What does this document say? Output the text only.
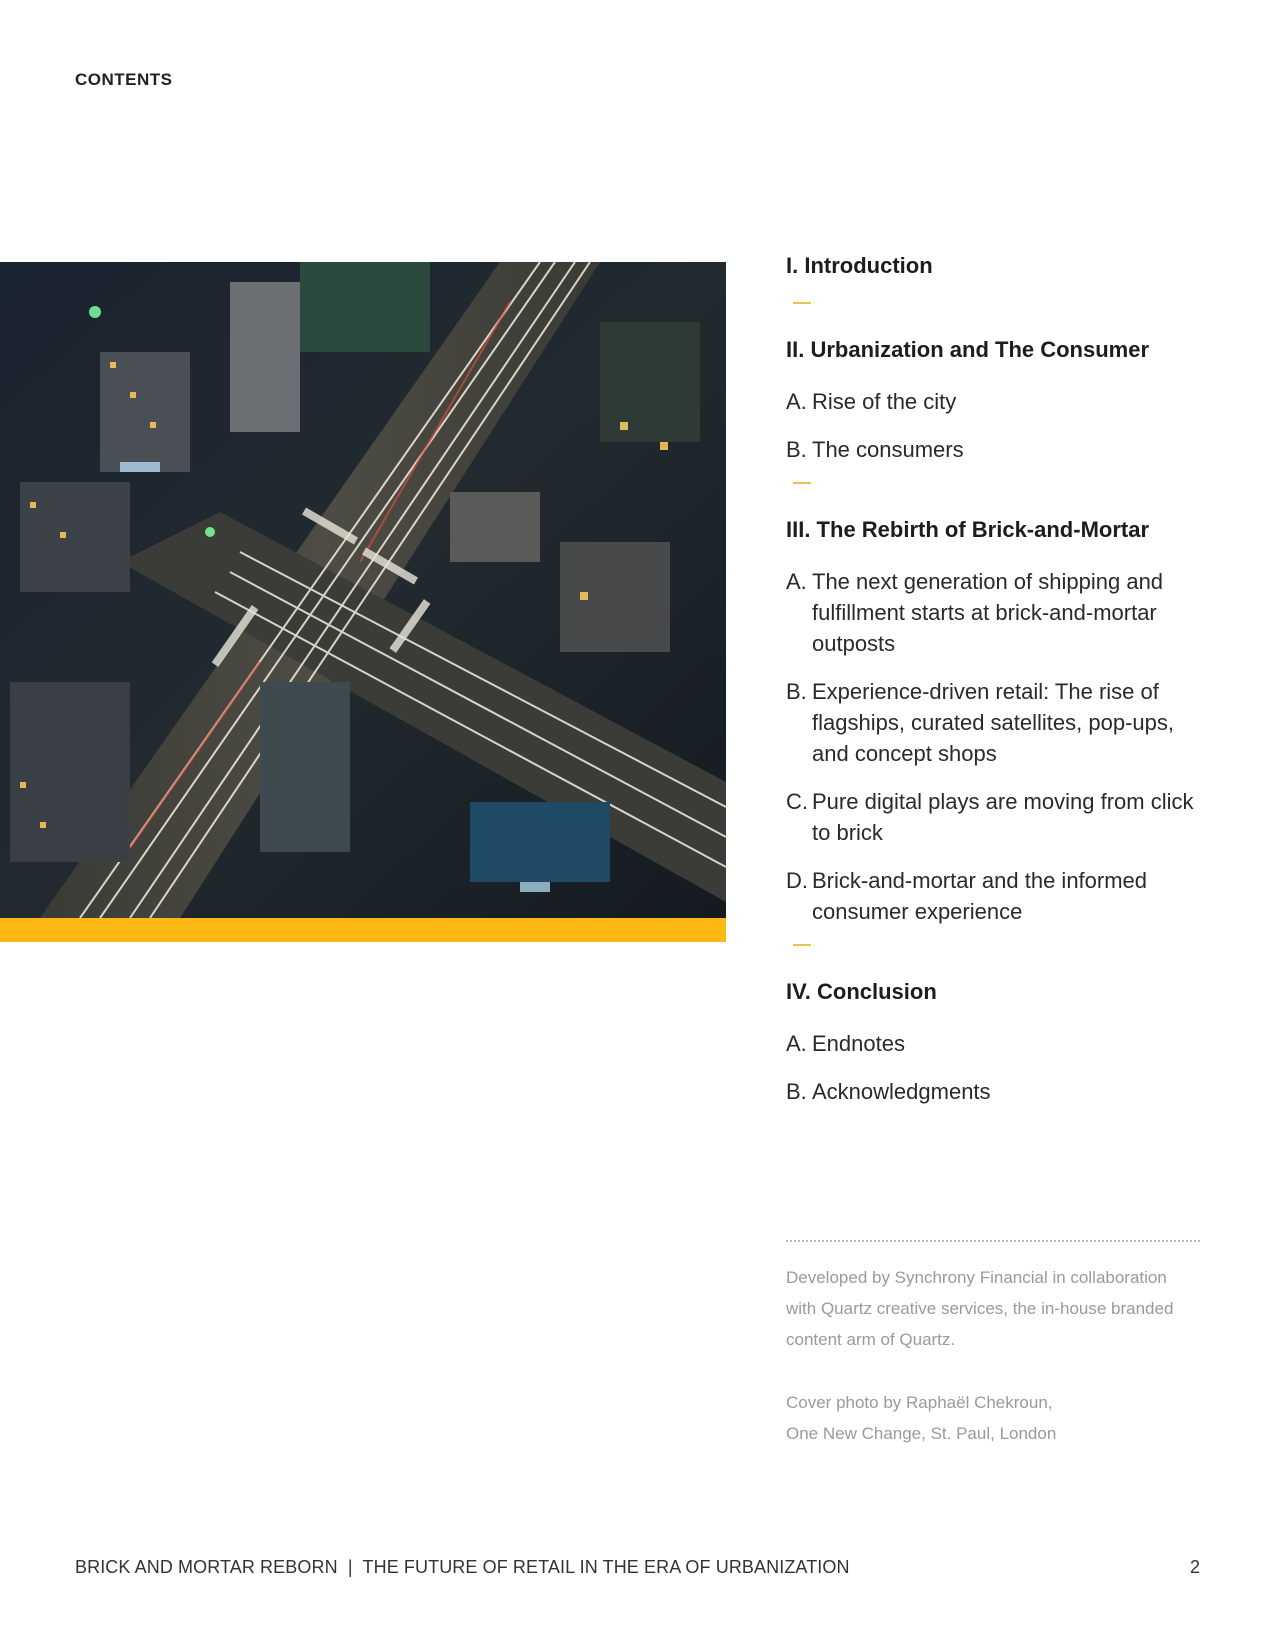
CONTENTS
I. Introduction
II. Urbanization and The Consumer
A. Rise of the city
B. The consumers
III. The Rebirth of Brick-and-Mortar
A. The next generation of shipping and fulfillment starts at brick-and-mortar outposts
B. Experience-driven retail: The rise of flagships, curated satellites, pop-ups, and concept shops
C. Pure digital plays are moving from click to brick
D. Brick-and-mortar and the informed consumer experience
IV. Conclusion
A. Endnotes
B. Acknowledgments

Developed by Synchrony Financial in collaboration with Quartz creative services, the in-house branded content arm of Quartz.

Cover photo by Raphaël Chekroun,
One New Change, St. Paul, London

BRICK AND MORTAR REBORN  |  THE FUTURE OF RETAIL IN THE ERA OF URBANIZATION	2
